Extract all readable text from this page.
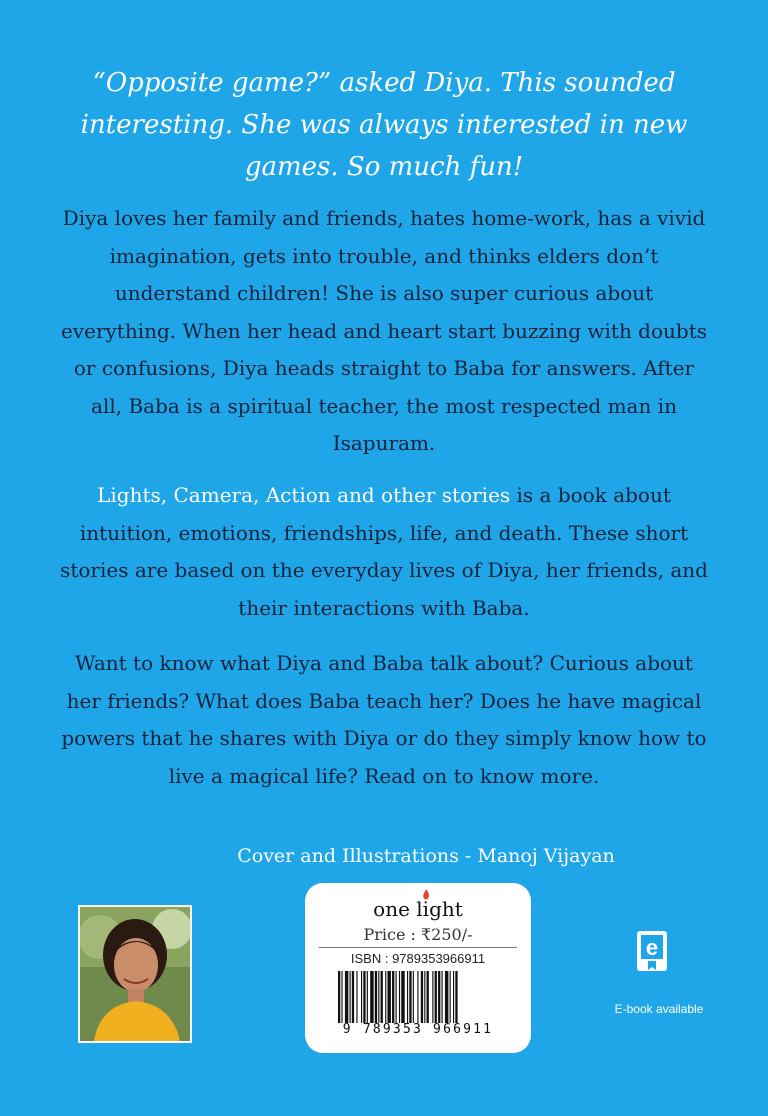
“Opposite game?” asked Diya. This sounded interesting. She was always interested in new games. So much fun!

Diya loves her family and friends, hates home-work, has a vivid imagination, gets into trouble, and thinks elders don’t understand children! She is also super curious about everything. When her head and heart start buzzing with doubts or confusions, Diya heads straight to Baba for answers. After all, Baba is a spiritual teacher, the most respected man in Isapuram.

Lights, Camera, Action and other stories is a book about intuition, emotions, friendships, life, and death. These short stories are based on the everyday lives of Diya, her friends, and their interactions with Baba.

Want to know what Diya and Baba talk about? Curious about her friends? What does Baba teach her? Does he have magical powers that he shares with Diya or do they simply know how to live a magical life? Read on to know more.

Cover and Illustrations - Manoj Vijayan

one light
Price : ₹250/-
ISBN : 9789353966911
9 789353 966911
e
E-book available
